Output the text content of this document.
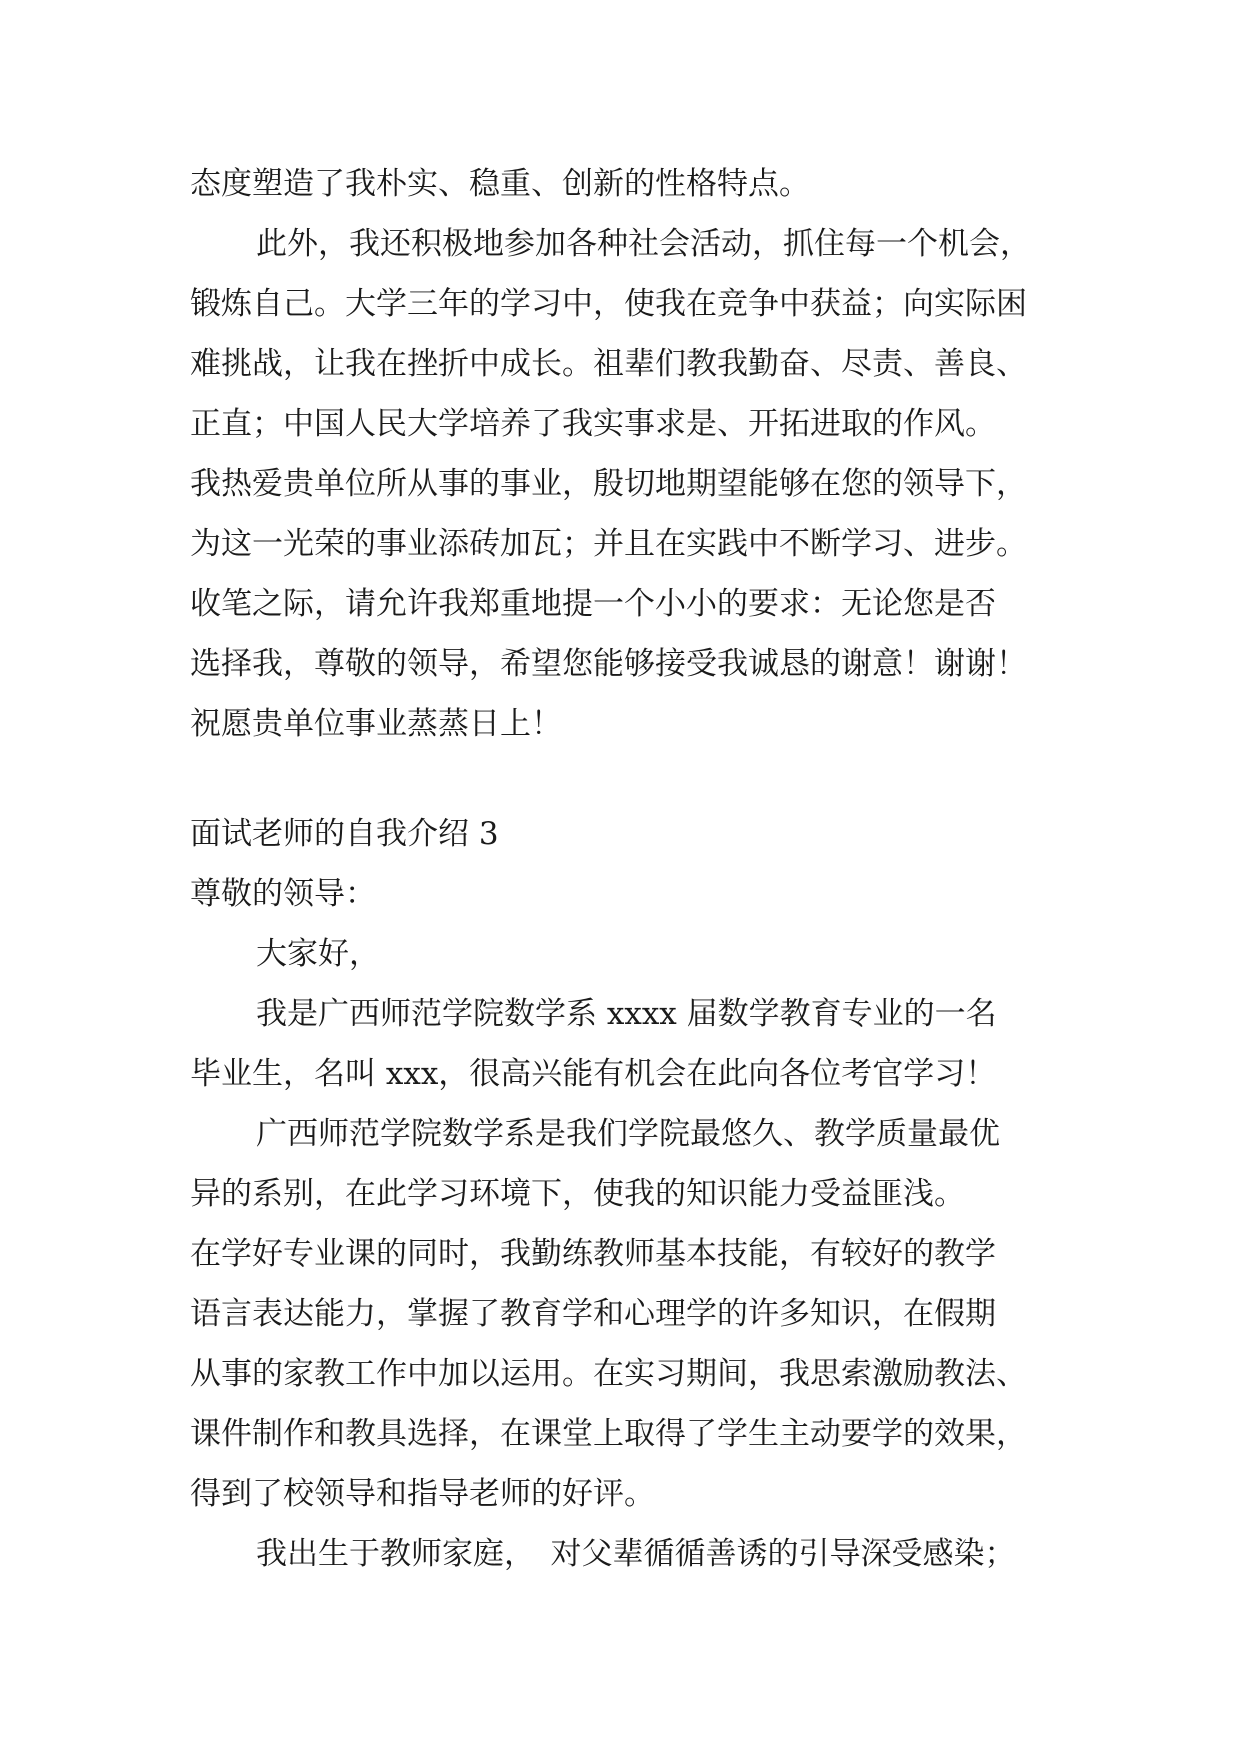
态度塑造了我朴实、稳重、创新的性格特点。

此外，我还积极地参加各种社会活动，抓住每一个机会，

锻炼自己。大学三年的学习中，使我在竞争中获益；向实际困

难挑战，让我在挫折中成长。祖辈们教我勤奋、尽责、善良、

正直；中国人民大学培养了我实事求是、开拓进取的作风。

我热爱贵单位所从事的事业，殷切地期望能够在您的领导下，

为这一光荣的事业添砖加瓦；并且在实践中不断学习、进步。

收笔之际，请允许我郑重地提一个小小的要求：无论您是否

选择我，尊敬的领导，希望您能够接受我诚恳的谢意！谢谢！

祝愿贵单位事业蒸蒸日上！

面试老师的自我介绍 3

尊敬的领导：

大家好，

我是广西师范学院数学系 xxxx 届数学教育专业的一名

毕业生，名叫 xxx，很高兴能有机会在此向各位考官学习！

广西师范学院数学系是我们学院最悠久、教学质量最优

异的系别，在此学习环境下，使我的知识能力受益匪浅。

在学好专业课的同时，我勤练教师基本技能，有较好的教学

语言表达能力，掌握了教育学和心理学的许多知识，在假期

从事的家教工作中加以运用。在实习期间，我思索激励教法、

课件制作和教具选择，在课堂上取得了学生主动要学的效果，

得到了校领导和指导老师的好评。

我出生于教师家庭，　对父辈循循善诱的引导深受感染；
